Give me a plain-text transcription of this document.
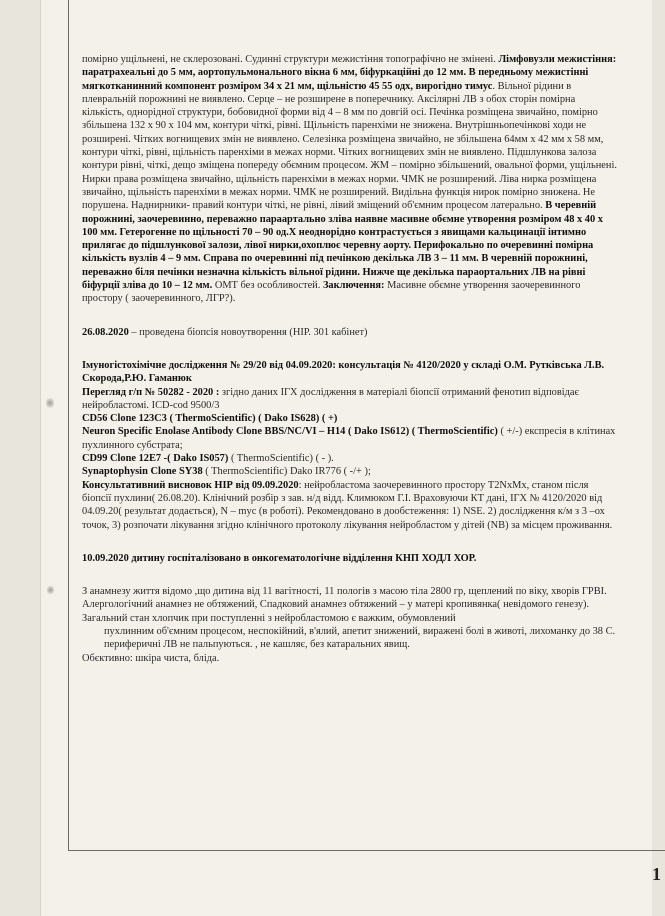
помірно ущільнені, не склерозовані. Судинні структури межистіння топографічно не змінені. Лімфовузли межистіння: паратрахеальні до 5 мм, аортопульмонального вікна 6 мм, біфуркаційні до 12 мм. В передньому межистінні мягкотканинний компонент розміром 34 х 21 мм, щільністю 45 55 одх, вирогідно тимус. Вільної рідини в плевральній порожнині не виявлено. Серце – не розширене в поперечнику. Аксілярні ЛВ з обох сторін помірна кількість, однорідної структури, бобовидної форми від 4 – 8 мм по довгій осі. Печінка розміщена звичайно, помірно збільшена 132 х 90 х 104 мм, контури чіткі, рівні. Щільність паренхіми не знижена. Внутрішньопечінкові ходи не розширені. Чітких вогнищевих змін не виявлено. Селезінка розміщена звичайно, не збільшена 64мм х 42 мм х 58 мм, контури чіткі, рівні, щільність паренхіми в межах норми. Чітких вогнищевих змін не виявлено. Підшлункова залоза контури рівні, чіткі, дещо зміщена попереду обємним процесом. ЖМ – помірно збільшений, овальної форми, ущільнені. Нирки права розміщена звичайно, щільність паренхіми в межах норми. ЧМК не розширений. Ліва нирка розміщена звичайно, щільність паренхіми в межах норми. ЧМК не розширений. Видільна функція нирок помірно знижена. Не порушена. Наднирники- правий контури чіткі, не рівні, лівий зміщений об'ємним процесом латерально. В черевній порожнині, заочеревинно, переважно параартально зліва наявне масивне обємне утворення розміром 48 х 40 х 100 мм. Гетерогенне по щільності 70 – 90 од.Х неоднорідно контрастується з явищами кальцинації інтимно прилягає до підшлункової залози, лівої нирки,охоплює черевну аорту. Перифокально по очеревинні помірна кількість вузлів 4 – 9 мм. Справа по очеревинні під печінкою декілька ЛВ 3 – 11 мм. В черевній порожнині, переважно біля печінки незначна кількість вільної рідини. Нижче ще декілька параортальних ЛВ на рівні біфурції зліва до 10 – 12 мм. ОМТ без особливостей. Заключення: Масивне обємне утворення заочеревинного простору ( заочеревинного, ЛГР?).

26.08.2020 – проведена біопсія новоутворення (НІР. 301 кабінет)

Імуногістохімічне дослідження № 29/20 від 04.09.2020: консультація № 4120/2020 у складі О.М. Рутківська Л.В. Скорода,Р.Ю. Гаманюк

Перегляд г/п № 50282 - 2020 : згідно даних ІГХ дослідження в матеріалі біопсії отриманий фенотип відповідає нейробластомі. ICD-cod 9500/3

CD56 Clone 123C3 ( ThermoScientific) ( Dako IS628) ( +)

Neuron Specific Enolase Antibody Clone BBS/NC/VI – H14 ( Dako IS612) ( ThermoScientific) ( +/-) експресія в клітинах пухлинного субстрата;

CD99 Clone 12E7 -( Dako IS057) ( ThermoScientific) ( - ).

Synaptophysin Clone SY38 ( ThermoScientific) Dako IR776 ( -/+ );

Консультативний висновок НІР від 09.09.2020: нейробластома заочеревинного простору T2NxMx, станом після біопсії пухлини( 26.08.20). Клінічний розбір з зав. н/д відд. Климюком Г.І. Враховуючи КТ дані, ІГХ № 4120/2020 від 04.09.20( результат додається), N – myc (в роботі). Рекомендовано в дообстеження: 1) NSE. 2) дослідження к/м з 3 –ох точок, 3) розпочати лікування згідно клінічного протоколу лікування нейробластом у дітей (NB) за місцем проживання.

10.09.2020 дитину госпіталізовано в онкогематологічне відділення КНП ХОДЛ ХОР.

З анамнезу життя відомо ,що дитина від 11 вагітності, 11 пологів з масою тіла 2800 гр, щеплений по віку, хворів ГРВІ. Алергологічний анамнез не обтяжений, Спадковий анамнез обтяжений – у матері кропивянка( невідомого генезу).

Загальний стан хлопчик при поступленні з нейробластомою є важким, обумовлений

пухлинним об'ємним процесом, неспокійний, в'ялий, апетит знижений, виражені болі в животі, лихоманку до 38 С. периферичні ЛВ не пальпуються. , не кашляє, без катаральних явищ.

Обєктивно: шкіра чиста, бліда.

1
